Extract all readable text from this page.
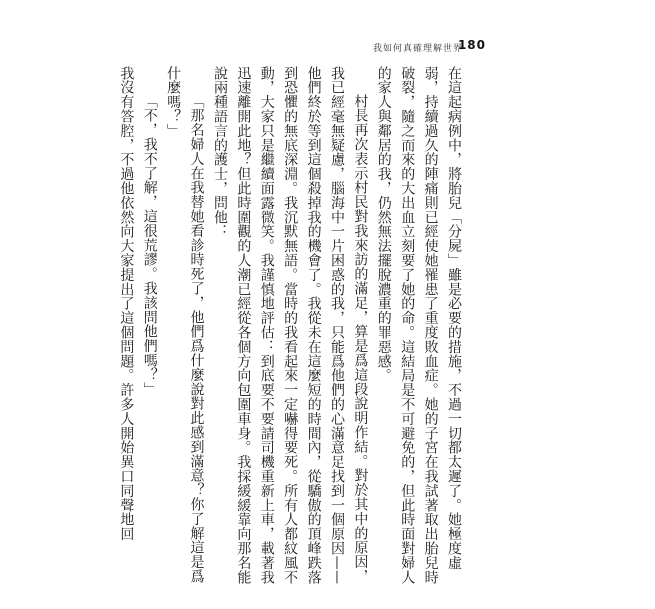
我如何真確理解世界
180

在這起病例中，將胎兒「分屍」雖是必要的措施，不過一切都太遲了。她極度虛弱，持續過久的陣痛則已經使她罹患了重度敗血症。她的子宮在我試著取出胎兒時破裂，隨之而來的大出血立刻要了她的命。這結局是不可避免的，但此時面對婦人的家人與鄰居的我，仍然無法擺脫濃重的罪惡感。

村長再次表示村民對我來訪的滿足，算是爲這段說明作結。對於其中的原因，我已經毫無疑慮，腦海中一片困惑的我，只能爲他們的心滿意足找到一個原因——他們終於等到這個殺掉我的機會了。我從未在這麼短的時間內，從驕傲的頂峰跌落到恐懼的無底深淵。我沉默無語。當時的我看起來一定嚇得要死。所有人都紋風不動，大家只是繼續面露微笑。我謹慎地評估：到底要不要請司機重新上車，載著我迅速離開此地？但此時圍觀的人潮已經從各個方向包圍車身。我採緩緩靠向那名能說兩種語言的護士，問他：

「那名婦人在我替她看診時死了，他們爲什麼說對此感到滿意？你了解這是爲什麼嗎？」

「不，我不了解，這很荒謬。我該問他們嗎？」

我沒有答腔，不過他依然向大家提出了這個問題。許多人開始異口同聲地回
